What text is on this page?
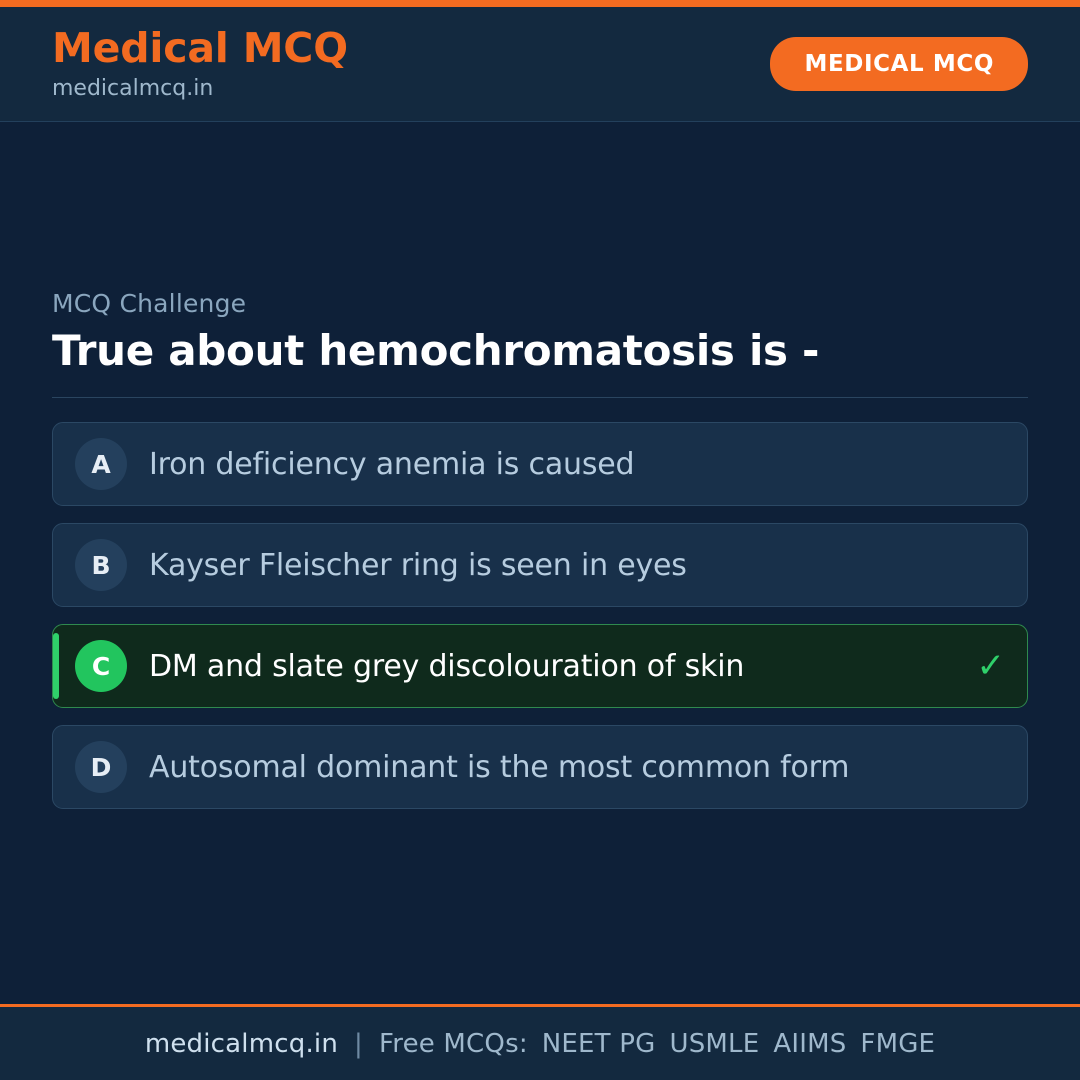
Medical MCQ
medicalmcq.in
MEDICAL MCQ
MCQ Challenge
True about hemochromatosis is -
A	Iron deficiency anemia is caused
B	Kayser Fleischer ring is seen in eyes
C	DM and slate grey discolouration of skin	✓
D	Autosomal dominant is the most common form
medicalmcq.in | Free MCQs: NEET PG USMLE AIIMS FMGE
